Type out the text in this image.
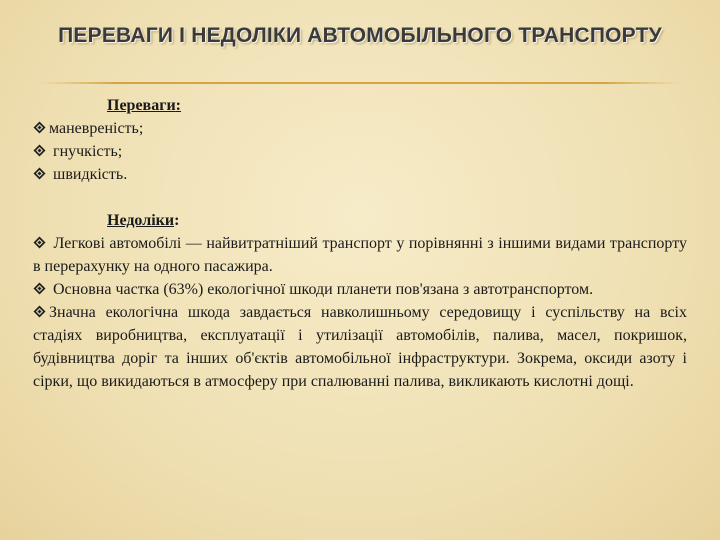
ПЕРЕВАГИ І НЕДОЛІКИ АВТОМОБІЛЬНОГО ТРАНСПОРТУ

Переваги:

маневреність;

гнучкість;

швидкість.

Недоліки:

Легкові автомобілі — найвитратніший транспорт у порівнянні з іншими видами транспорту в перерахунку на одного пасажира.

Основна частка (63%) екологічної шкоди планети пов'язана з автотранспортом.

Значна екологічна шкода завдається навколишньому середовищу і суспільству на всіх стадіях виробництва, експлуатації і утилізації автомобілів, палива, масел, покришок, будівництва доріг та інших об'єктів автомобільної інфраструктури. Зокрема, оксиди азоту і сірки, що викидаються в атмосферу при спалюванні палива, викликають кислотні дощі.
